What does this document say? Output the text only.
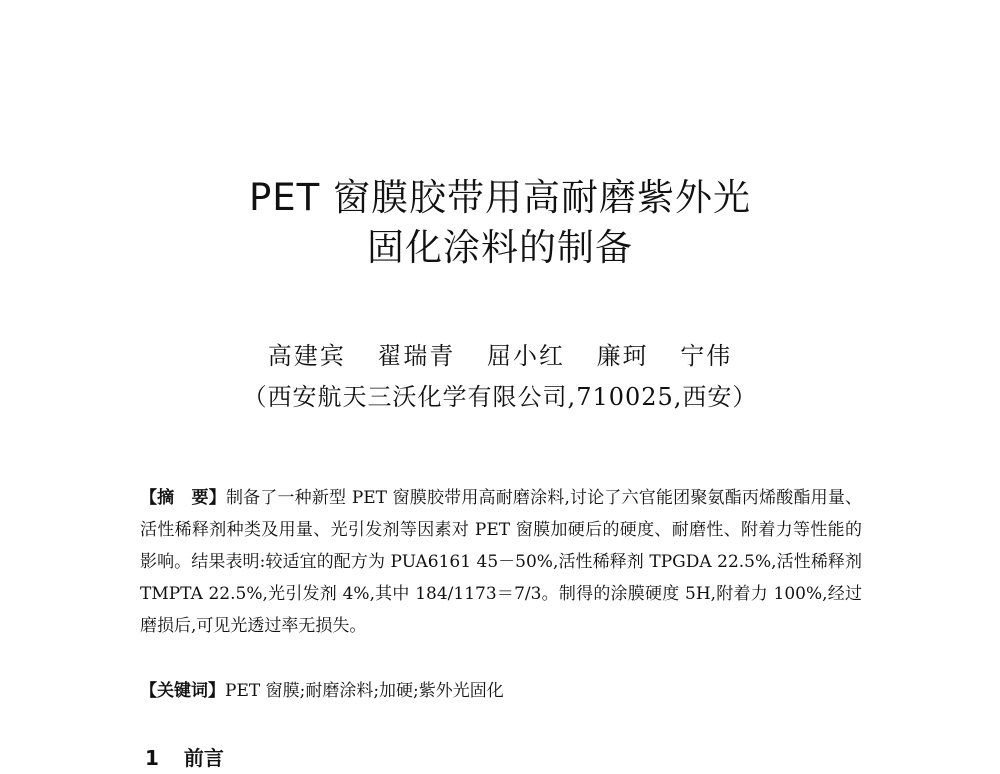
PET 窗膜胶带用高耐磨紫外光
固化涂料的制备
高建宾 翟瑞青 屈小红 廉珂 宁伟
（西安航天三沃化学有限公司,710025,西安）

【摘　要】制备了一种新型 PET 窗膜胶带用高耐磨涂料,讨论了六官能团聚氨酯丙烯酸酯用量、活性稀释剂种类及用量、光引发剂等因素对 PET 窗膜加硬后的硬度、耐磨性、附着力等性能的影响。结果表明:较适宜的配方为 PUA6161 45－50%,活性稀释剂 TPGDA 22.5%,活性稀释剂 TMPTA 22.5%,光引发剂 4%,其中 184/1173＝7/3。制得的涂膜硬度 5H,附着力 100%,经过磨损后,可见光透过率无损失。

【关键词】PET 窗膜;耐磨涂料;加硬;紫外光固化

1 前言
